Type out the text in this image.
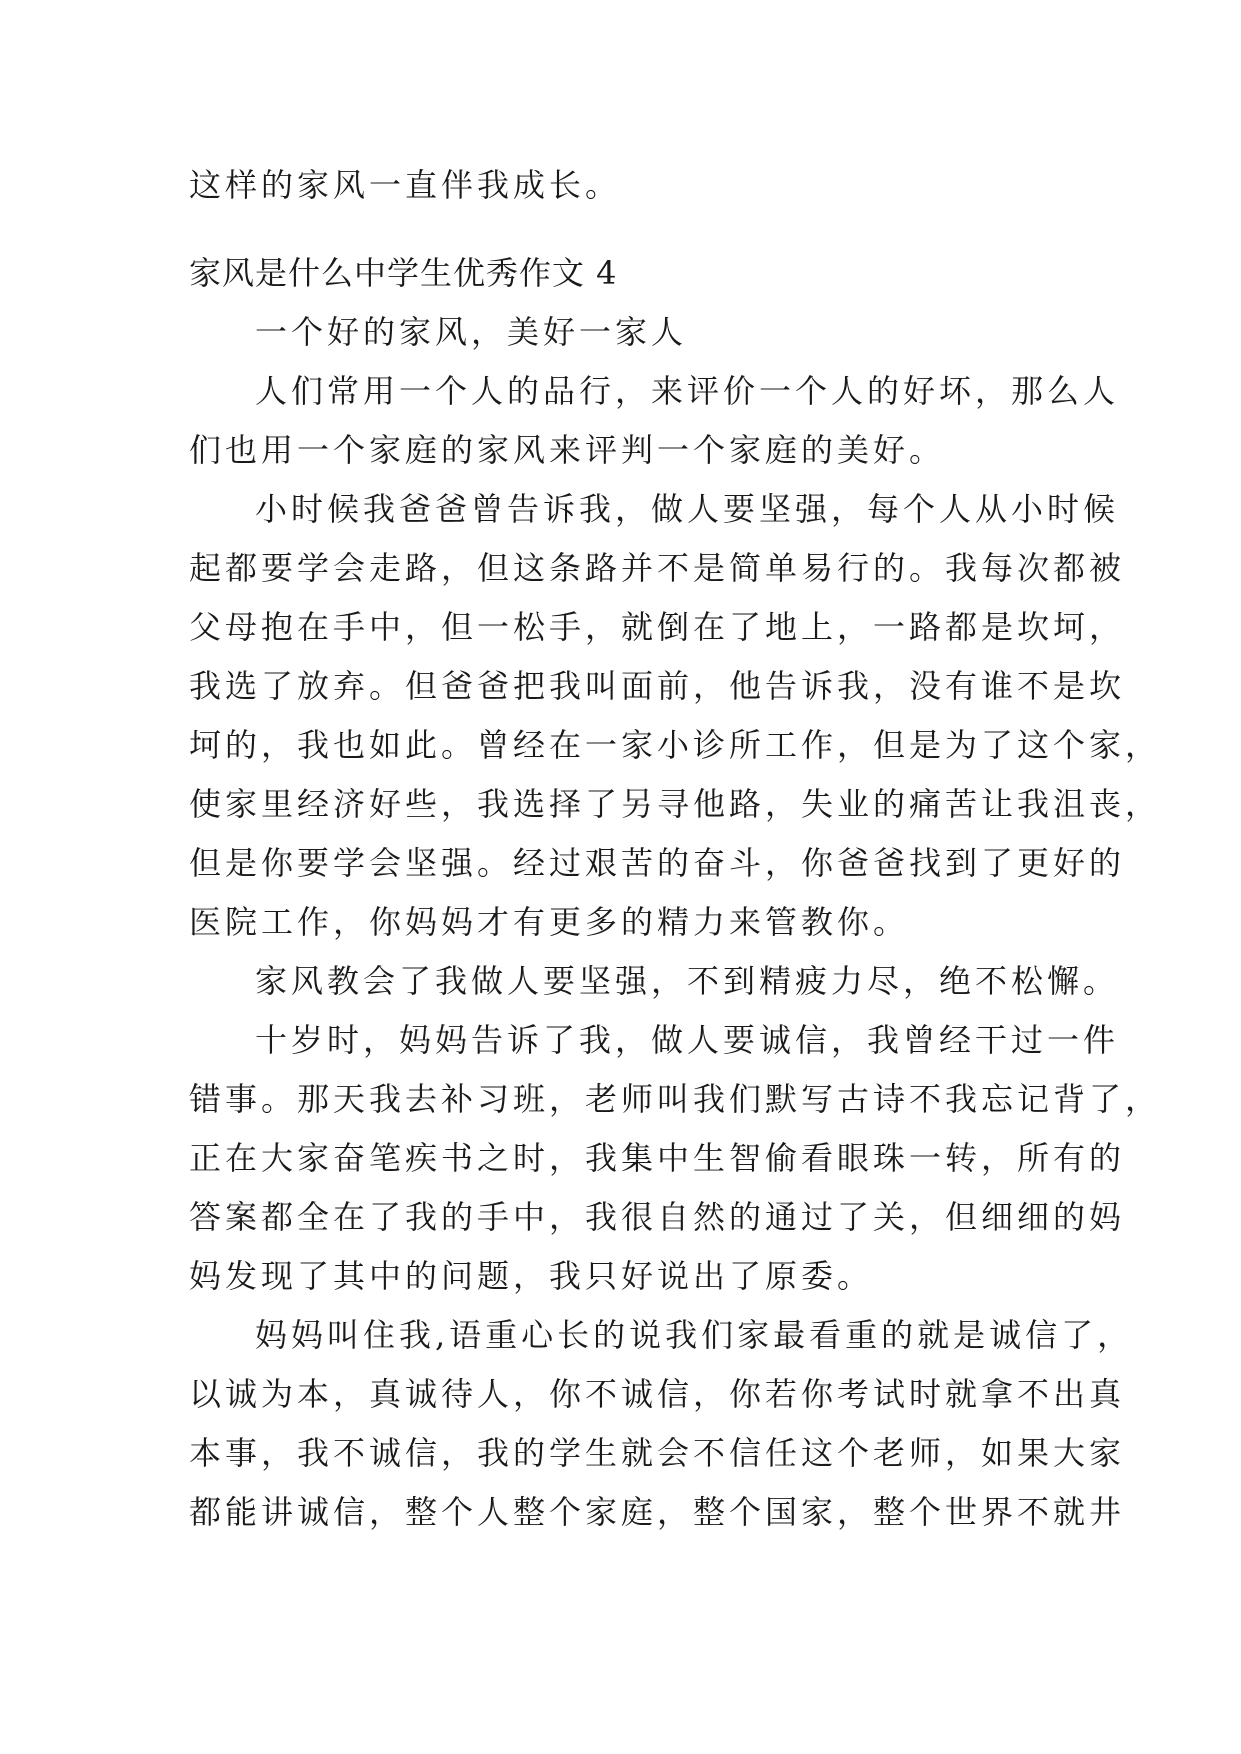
这样的家风一直伴我成长。
家风是什么中学生优秀作文 4
一个好的家风，美好一家人
人们常用一个人的品行，来评价一个人的好坏，那么人
们也用一个家庭的家风来评判一个家庭的美好。
小时候我爸爸曾告诉我，做人要坚强，每个人从小时候
起都要学会走路，但这条路并不是简单易行的。我每次都被
父母抱在手中，但一松手，就倒在了地上，一路都是坎坷，
我选了放弃。但爸爸把我叫面前，他告诉我，没有谁不是坎
坷的，我也如此。曾经在一家小诊所工作，但是为了这个家，
使家里经济好些，我选择了另寻他路，失业的痛苦让我沮丧，
但是你要学会坚强。经过艰苦的奋斗，你爸爸找到了更好的
医院工作，你妈妈才有更多的精力来管教你。
家风教会了我做人要坚强，不到精疲力尽，绝不松懈。
十岁时，妈妈告诉了我，做人要诚信，我曾经干过一件
错事。那天我去补习班，老师叫我们默写古诗不我忘记背了，
正在大家奋笔疾书之时，我集中生智偷看眼珠一转，所有的
答案都全在了我的手中，我很自然的通过了关，但细细的妈
妈发现了其中的问题，我只好说出了原委。
妈妈叫住我,语重心长的说我们家最看重的就是诚信了，
以诚为本，真诚待人，你不诚信，你若你考试时就拿不出真
本事，我不诚信，我的学生就会不信任这个老师，如果大家
都能讲诚信，整个人整个家庭，整个国家，整个世界不就井
